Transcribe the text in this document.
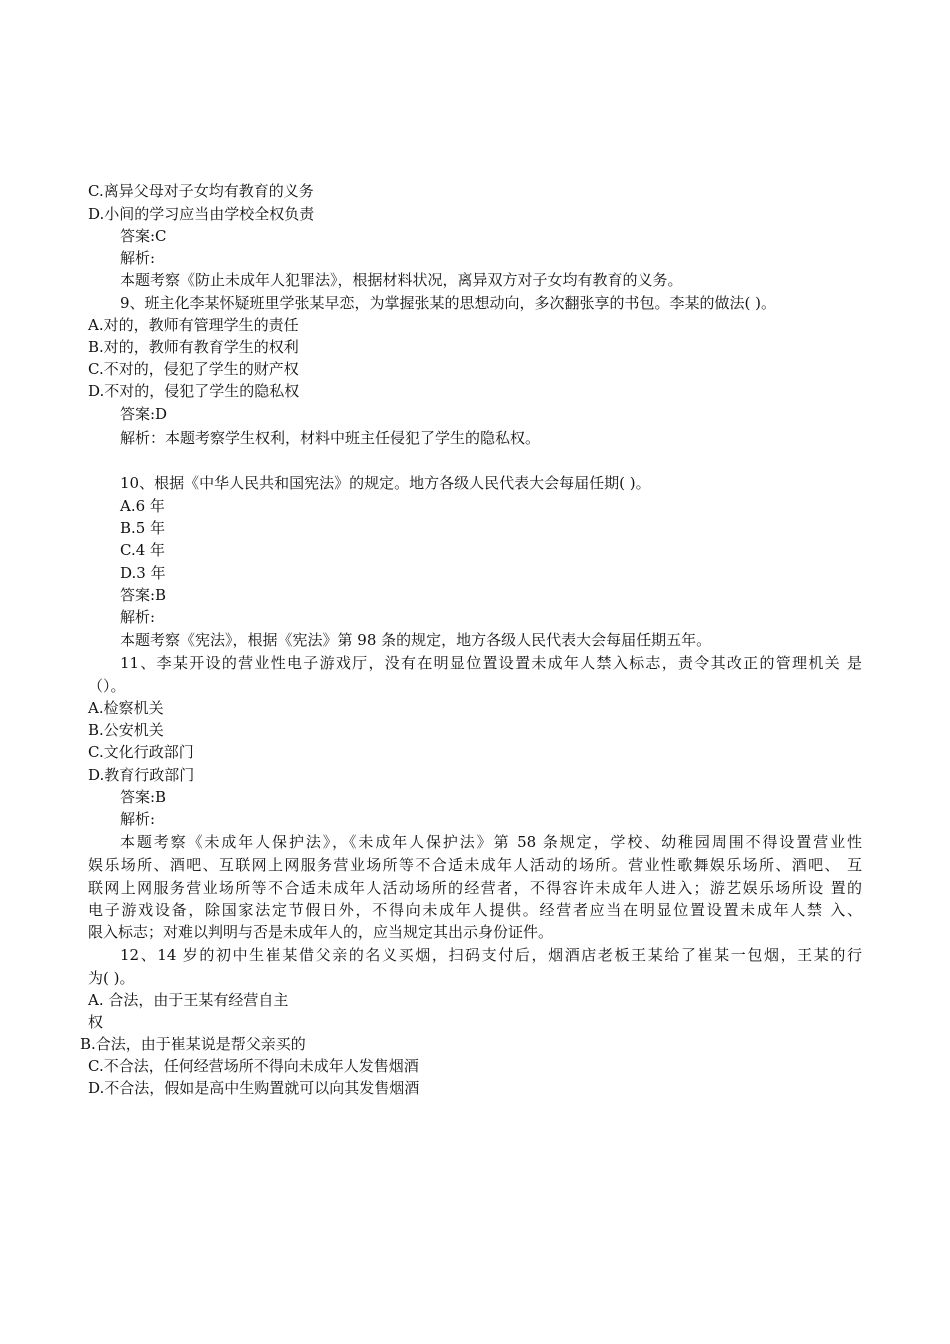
C.离异父母对子女均有教育的义务

D.小间的学习应当由学校全权负责

答案:C

解析:

本题考察《防止未成年人犯罪法》，根据材料状况，离异双方对子女均有教育的义务。

9、班主化李某怀疑班里学张某早恋，为掌握张某的思想动向，多次翻张享的书包。李某的做法( )。

A.对的，教师有管理学生的责任

B.对的，教师有教育学生的权利

C.不对的，侵犯了学生的财产权

D.不对的，侵犯了学生的隐私权

答案:D

解析：本题考察学生权利，材料中班主任侵犯了学生的隐私权。

10、根据《中华人民共和国宪法》的规定。地方各级人民代表大会每届任期( )。

A.6 年

B.5 年

C.4 年

D.3 年

答案:B

解析:

本题考察《宪法》，根据《宪法》第 98 条的规定，地方各级人民代表大会每届任期五年。

11、李某开设的营业性电子游戏厅，没有在明显位置设置未成年人禁入标志，责令其改正的管理机关 是

（）。

A.检察机关

B.公安机关

C.文化行政部门

D.教育行政部门

答案:B

解析:

本题考察《未成年人保护法》，《未成年人保护法》第 58 条规定，学校、幼稚园周围不得设置营业性

娱乐场所、酒吧、互联网上网服务营业场所等不合适未成年人活动的场所。营业性歌舞娱乐场所、酒吧、 互

联网上网服务营业场所等不合适未成年人活动场所的经营者，不得容许未成年人进入；游艺娱乐场所设 置的

电子游戏设备，除国家法定节假日外，不得向未成年人提供。经营者应当在明显位置设置未成年人禁 入、

限入标志；对难以判明与否是未成年人的，应当规定其出示身份证件。

12、14 岁的初中生崔某借父亲的名义买烟，扫码支付后，烟酒店老板王某给了崔某一包烟，王某的行

为( )。

A. 合法，由于王某有经营自主

权

B.合法，由于崔某说是帮父亲买的

C.不合法，任何经营场所不得向未成年人发售烟酒

D.不合法，假如是高中生购置就可以向其发售烟酒
